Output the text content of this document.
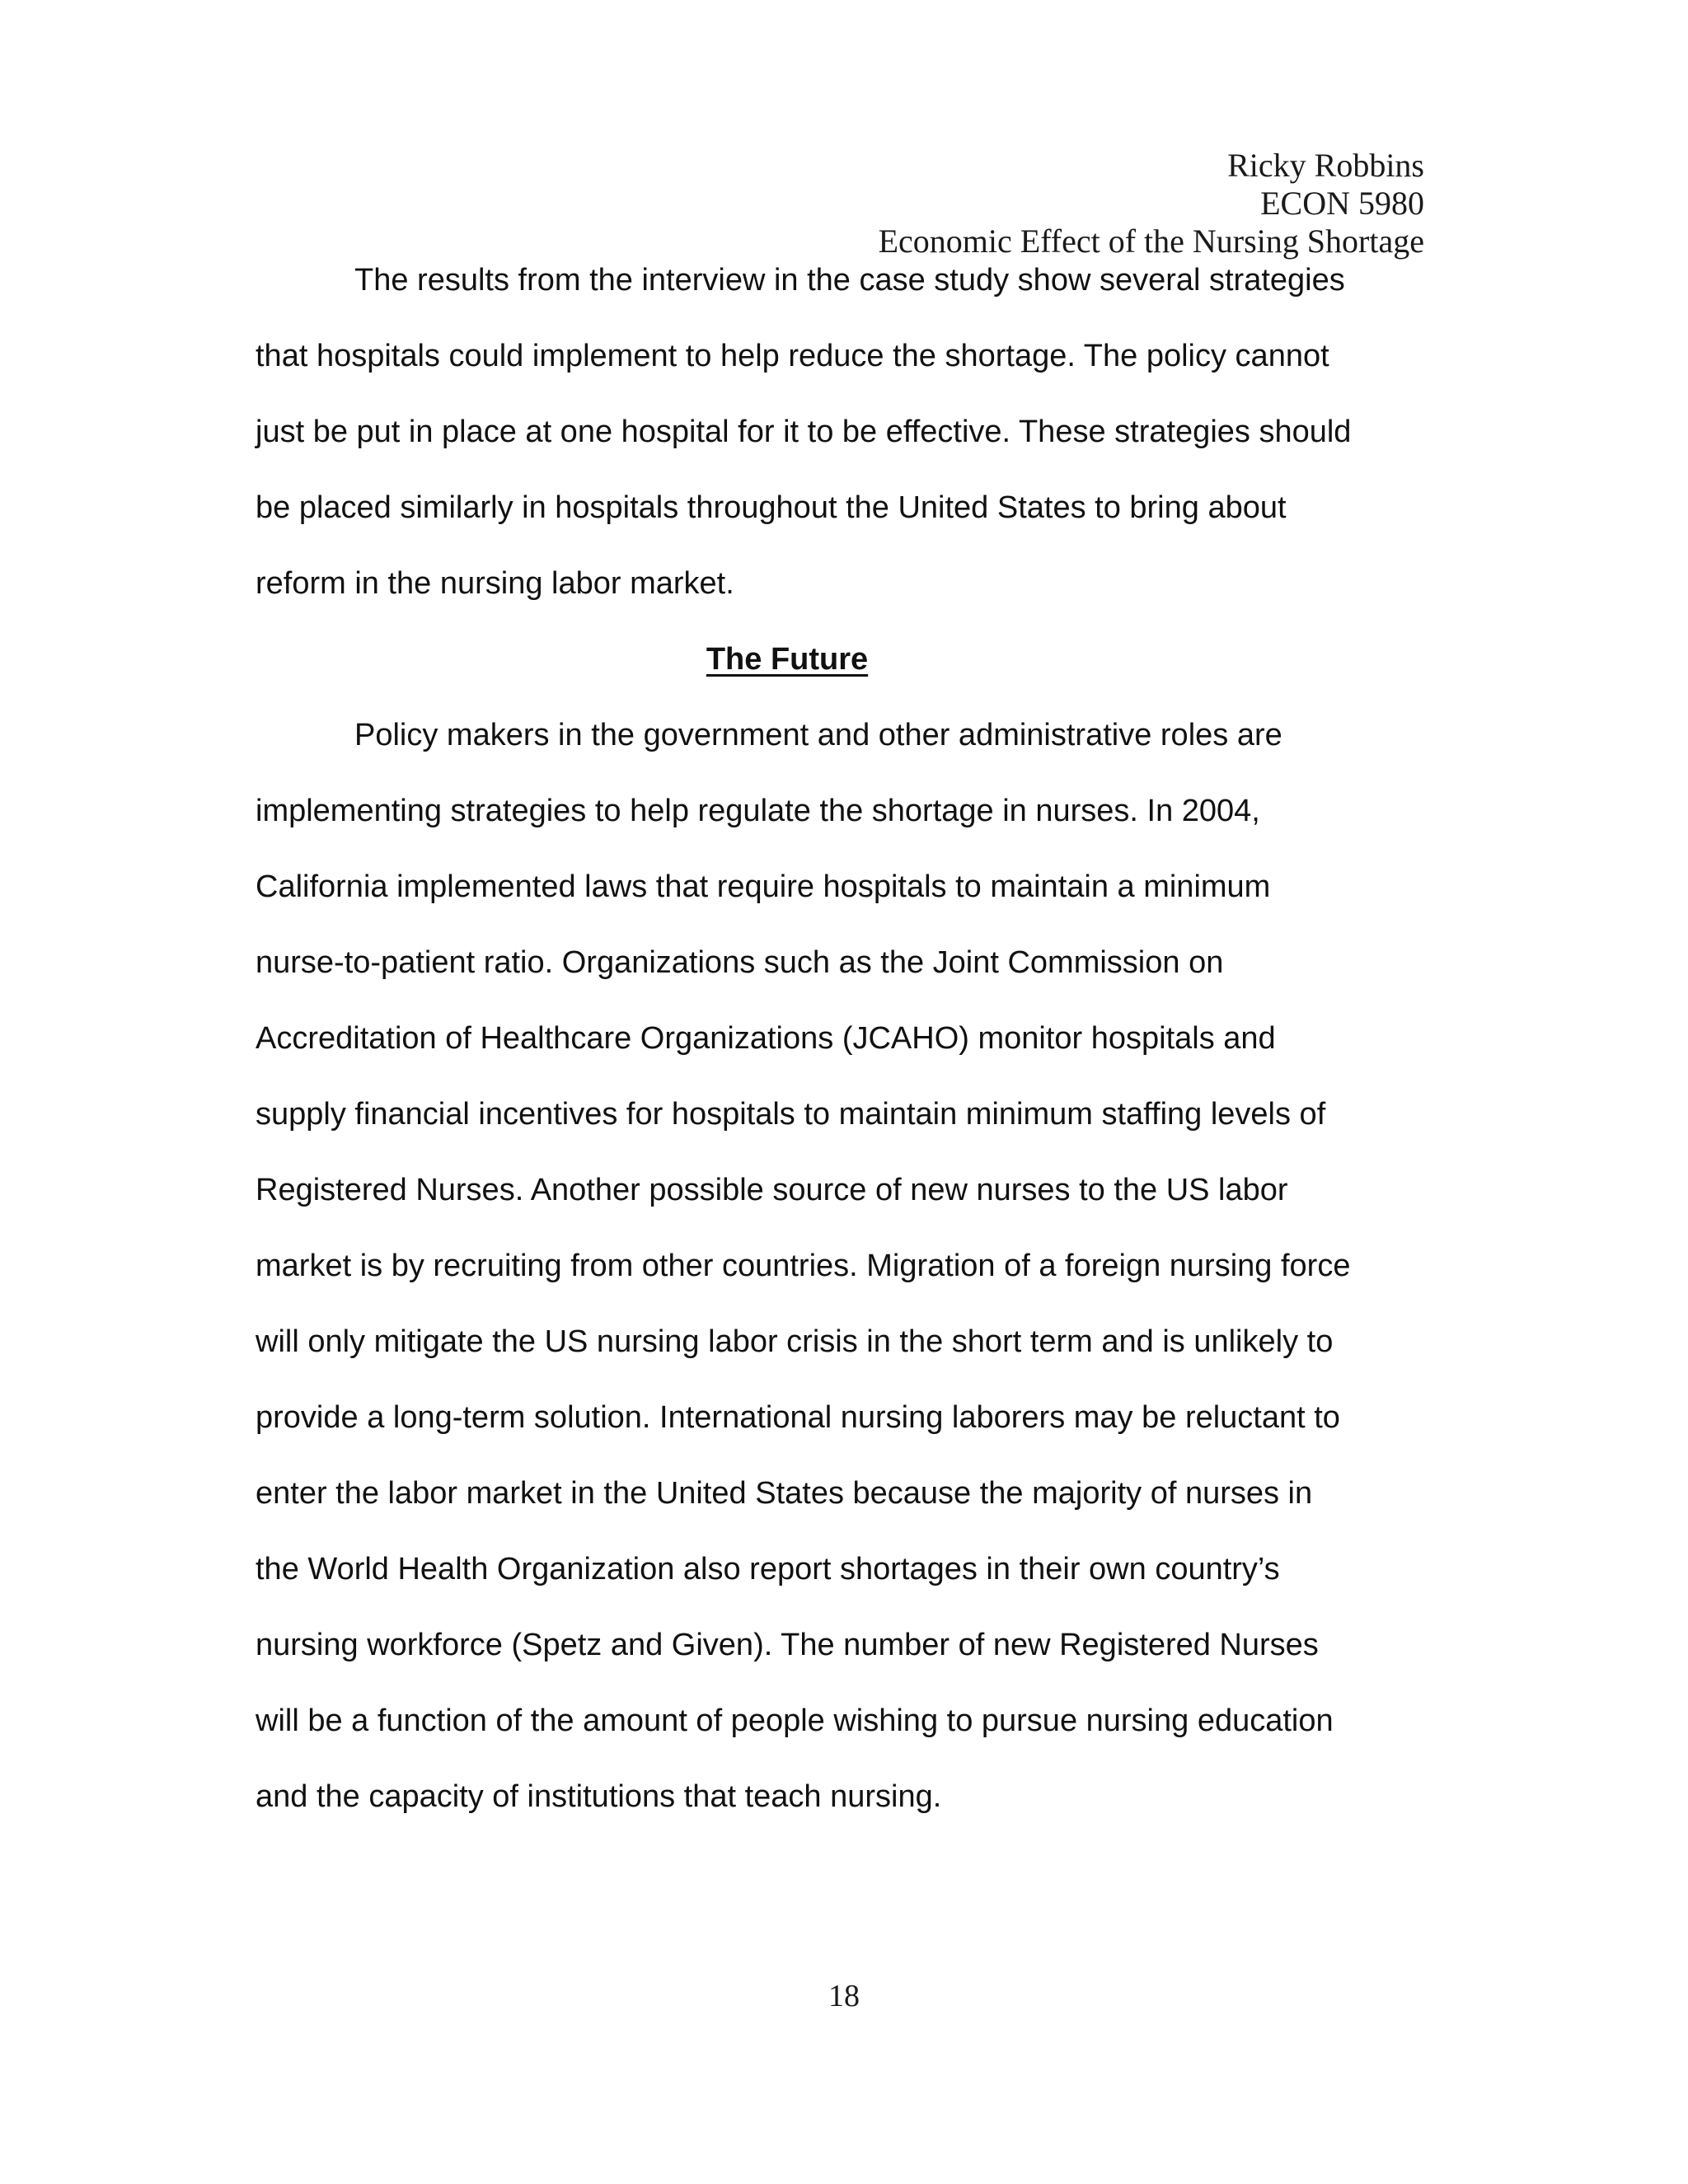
Ricky Robbins
ECON 5980
Economic Effect of the Nursing Shortage
The results from the interview in the case study show several strategies
that hospitals could implement to help reduce the shortage. The policy cannot
just be put in place at one hospital for it to be effective. These strategies should
be placed similarly in hospitals throughout the United States to bring about
reform in the nursing labor market.
The Future
Policy makers in the government and other administrative roles are
implementing strategies to help regulate the shortage in nurses. In 2004,
California implemented laws that require hospitals to maintain a minimum
nurse-to-patient ratio. Organizations such as the Joint Commission on
Accreditation of Healthcare Organizations (JCAHO) monitor hospitals and
supply financial incentives for hospitals to maintain minimum staffing levels of
Registered Nurses. Another possible source of new nurses to the US labor
market is by recruiting from other countries. Migration of a foreign nursing force
will only mitigate the US nursing labor crisis in the short term and is unlikely to
provide a long-term solution. International nursing laborers may be reluctant to
enter the labor market in the United States because the majority of nurses in
the World Health Organization also report shortages in their own country’s
nursing workforce (Spetz and Given). The number of new Registered Nurses
will be a function of the amount of people wishing to pursue nursing education
and the capacity of institutions that teach nursing.
18
